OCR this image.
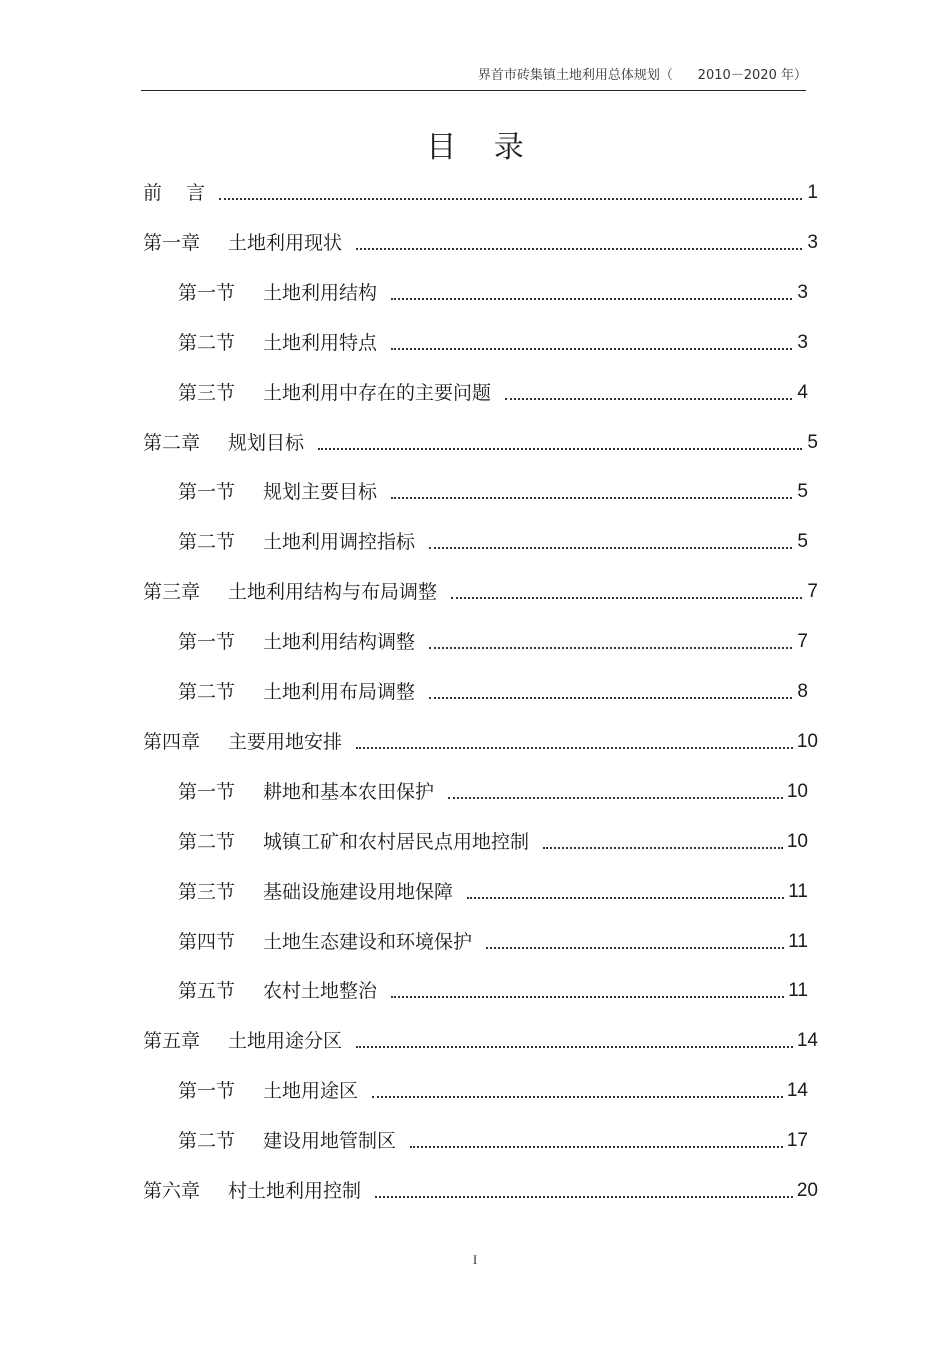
界首市砖集镇土地利用总体规划（      2010－2020 年）
目 录
前    言	1
第一章 土地利用现状	3
第一节 土地利用结构	3
第二节 土地利用特点	3
第三节 土地利用中存在的主要问题	4
第二章 规划目标	5
第一节 规划主要目标	5
第二节 土地利用调控指标	5
第三章 土地利用结构与布局调整	7
第一节 土地利用结构调整	7
第二节 土地利用布局调整	8
第四章 主要用地安排	10
第一节 耕地和基本农田保护	10
第二节 城镇工矿和农村居民点用地控制	10
第三节 基础设施建设用地保障	11
第四节 土地生态建设和环境保护	11
第五节 农村土地整治	11
第五章 土地用途分区	14
第一节 土地用途区	14
第二节 建设用地管制区	17
第六章 村土地利用控制	20
I
